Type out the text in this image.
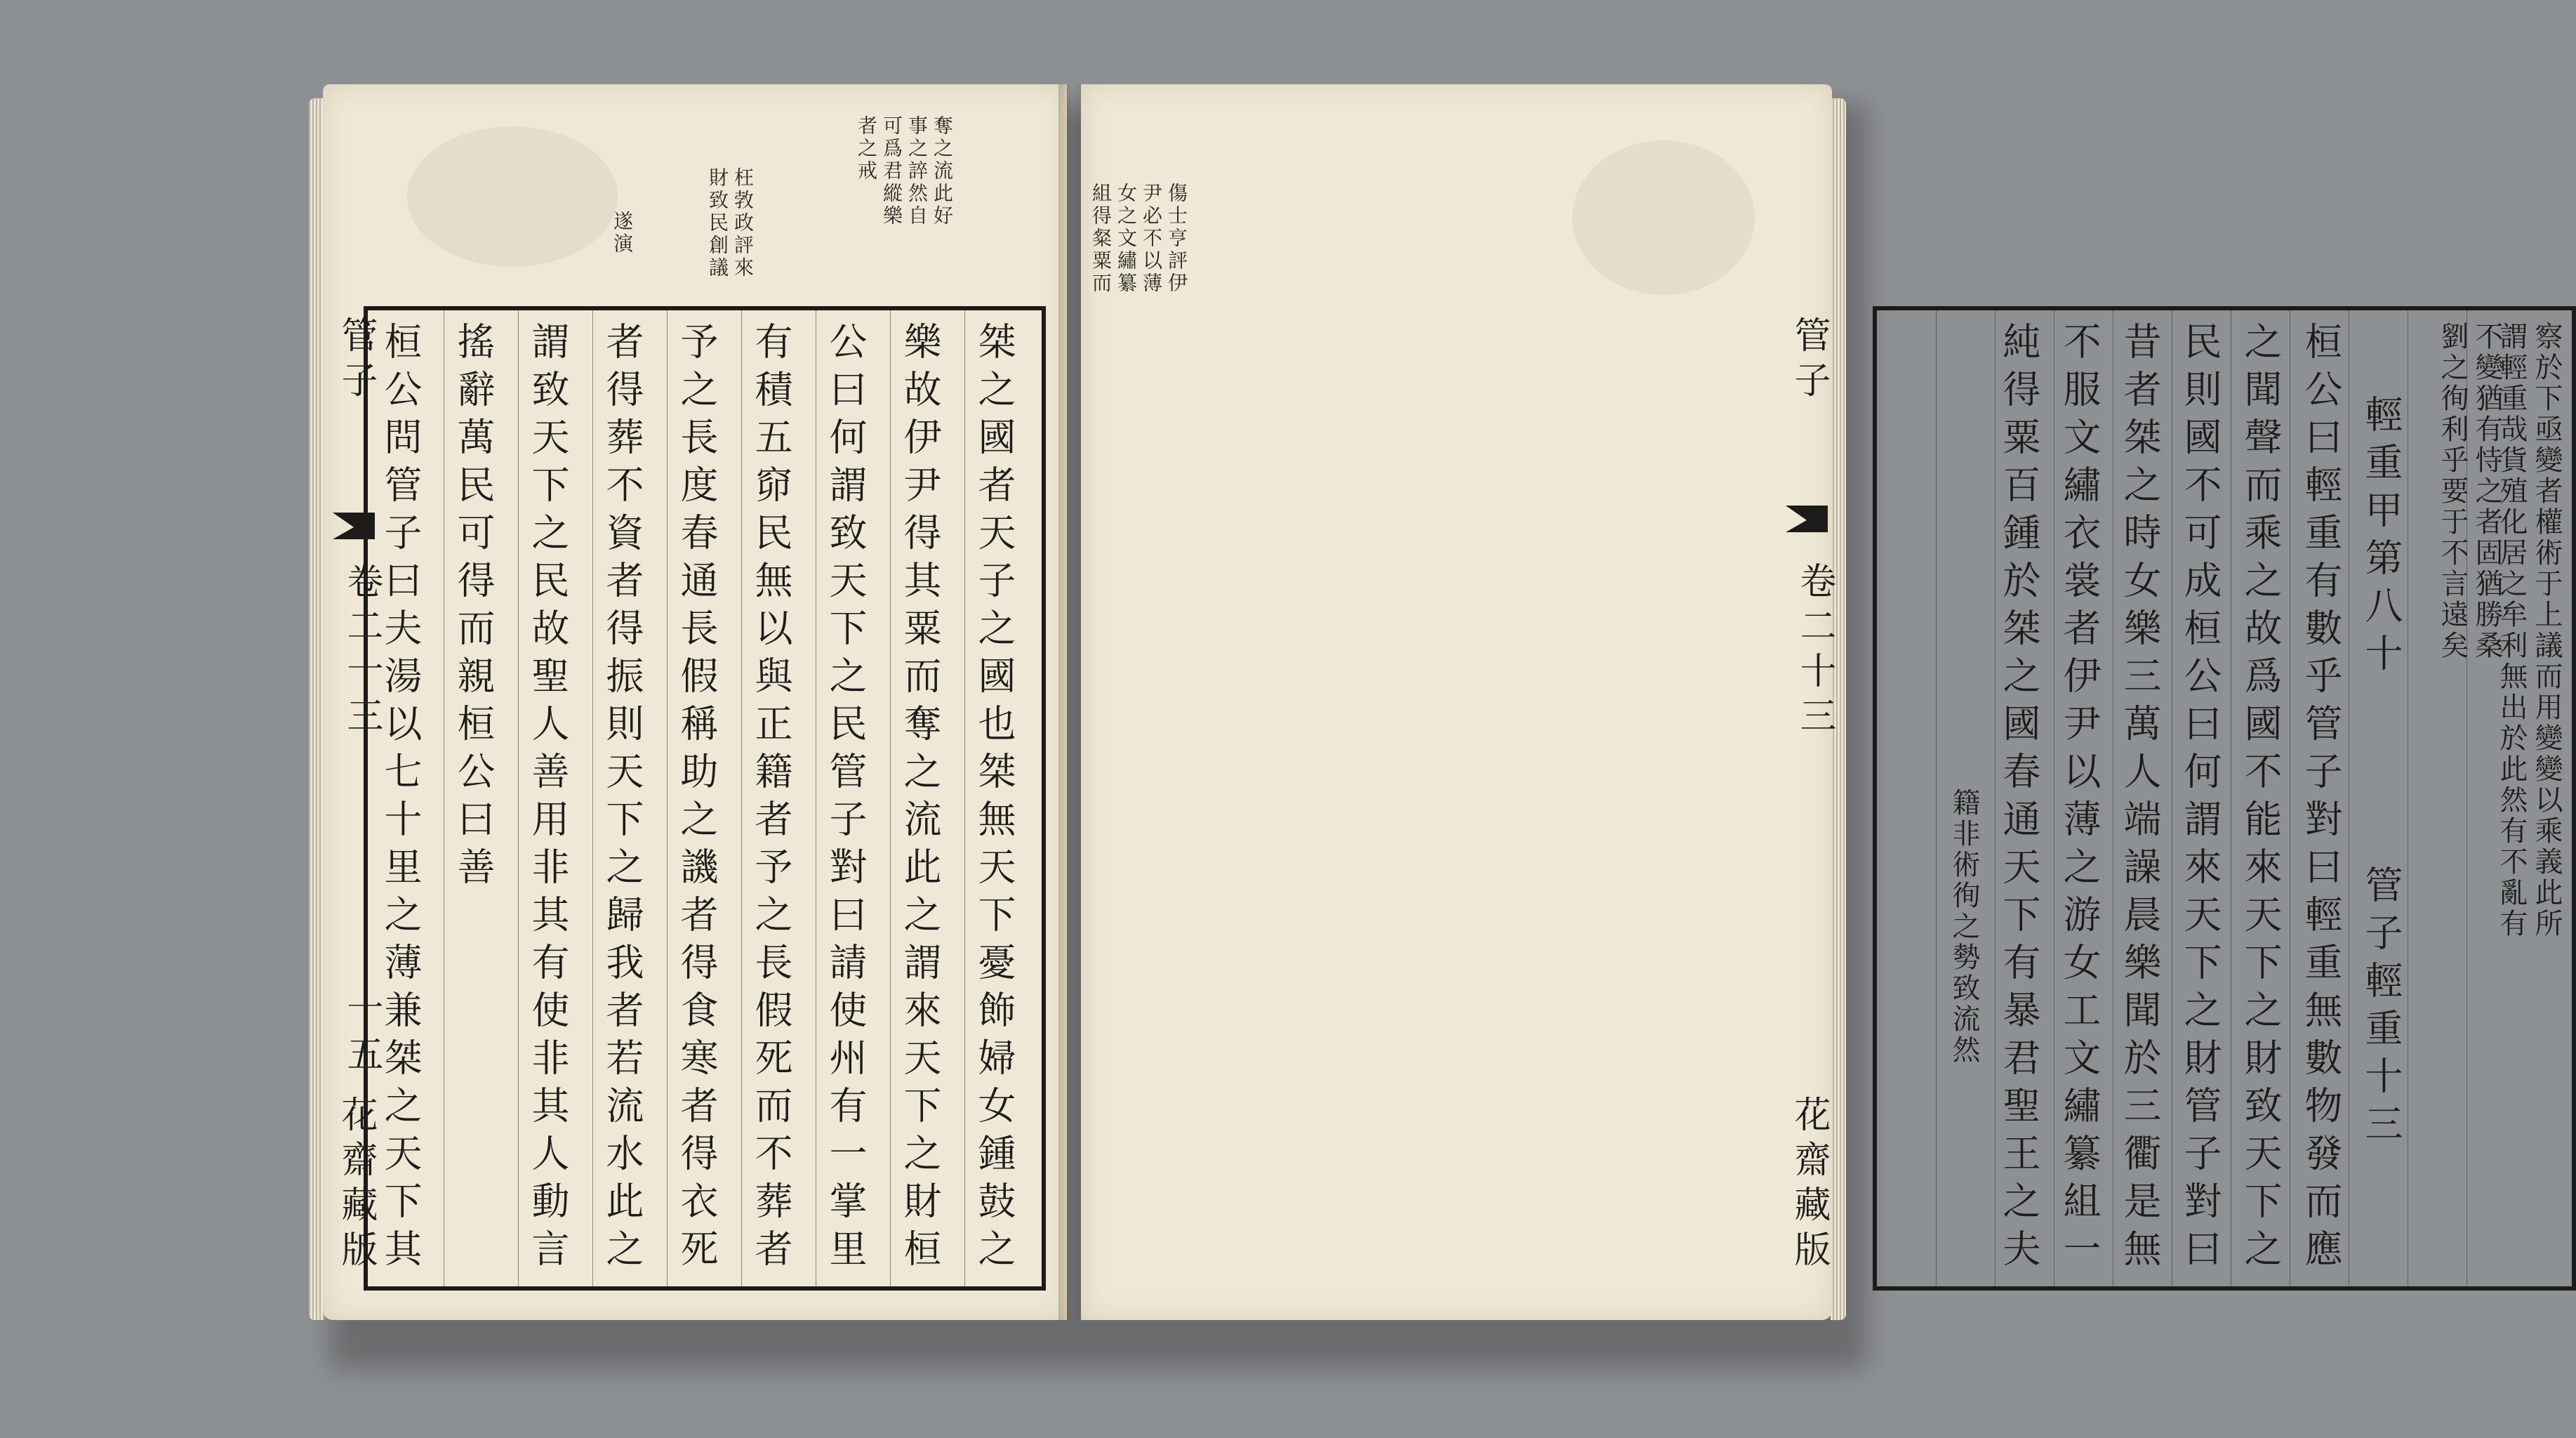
奪之流此好
事之誶然自
可爲君縱樂
者之戒
枉㪍政評來
財致民創議
遂演
桀之國者天子之國也桀無天下憂飾婦女鍾鼓之
樂故伊尹得其粟而奪之流此之謂來天下之財桓
公曰何謂致天下之民管子對曰請使州有一掌里
有積五窌民無以與正籍者予之長假死而不葬者
予之長度春通長假稱助之譏者得食寒者得衣死
者得葬不資者得振則天下之歸我者若流水此之
謂致天下之民故聖人善用非其有使非其人動言
搖辭萬民可得而親桓公曰善
桓公問管子曰夫湯以七十里之薄兼桀之天下其
管子
卷二十三
十五
花齋藏版
傷士亨評伊
尹必不以薄
女之文繡纂
組得粲粟而
察於下亟變者權術于上議而用變變以乘義此所
謂輕重哉貨殖化居之牟利無出於此然有不亂有
不變猶有恃之者固猶勝桑
劉之徇利乎要于不言遠矣
輕重甲第八十
管子輕重十三
桓公曰輕重有數乎管子對曰輕重無數物發而應
之聞聲而乘之故爲國不能來天下之財致天下之
民則國不可成桓公曰何謂來天下之財管子對曰
昔者桀之時女樂三萬人端譟晨樂聞於三衢是無
不服文繡衣裳者伊尹以薄之游女工文繡纂組一
純得粟百鍾於桀之國春通天下有暴君聖王之夫
籍非術徇之勢致流然
管子
卷二十三
花齋藏版
